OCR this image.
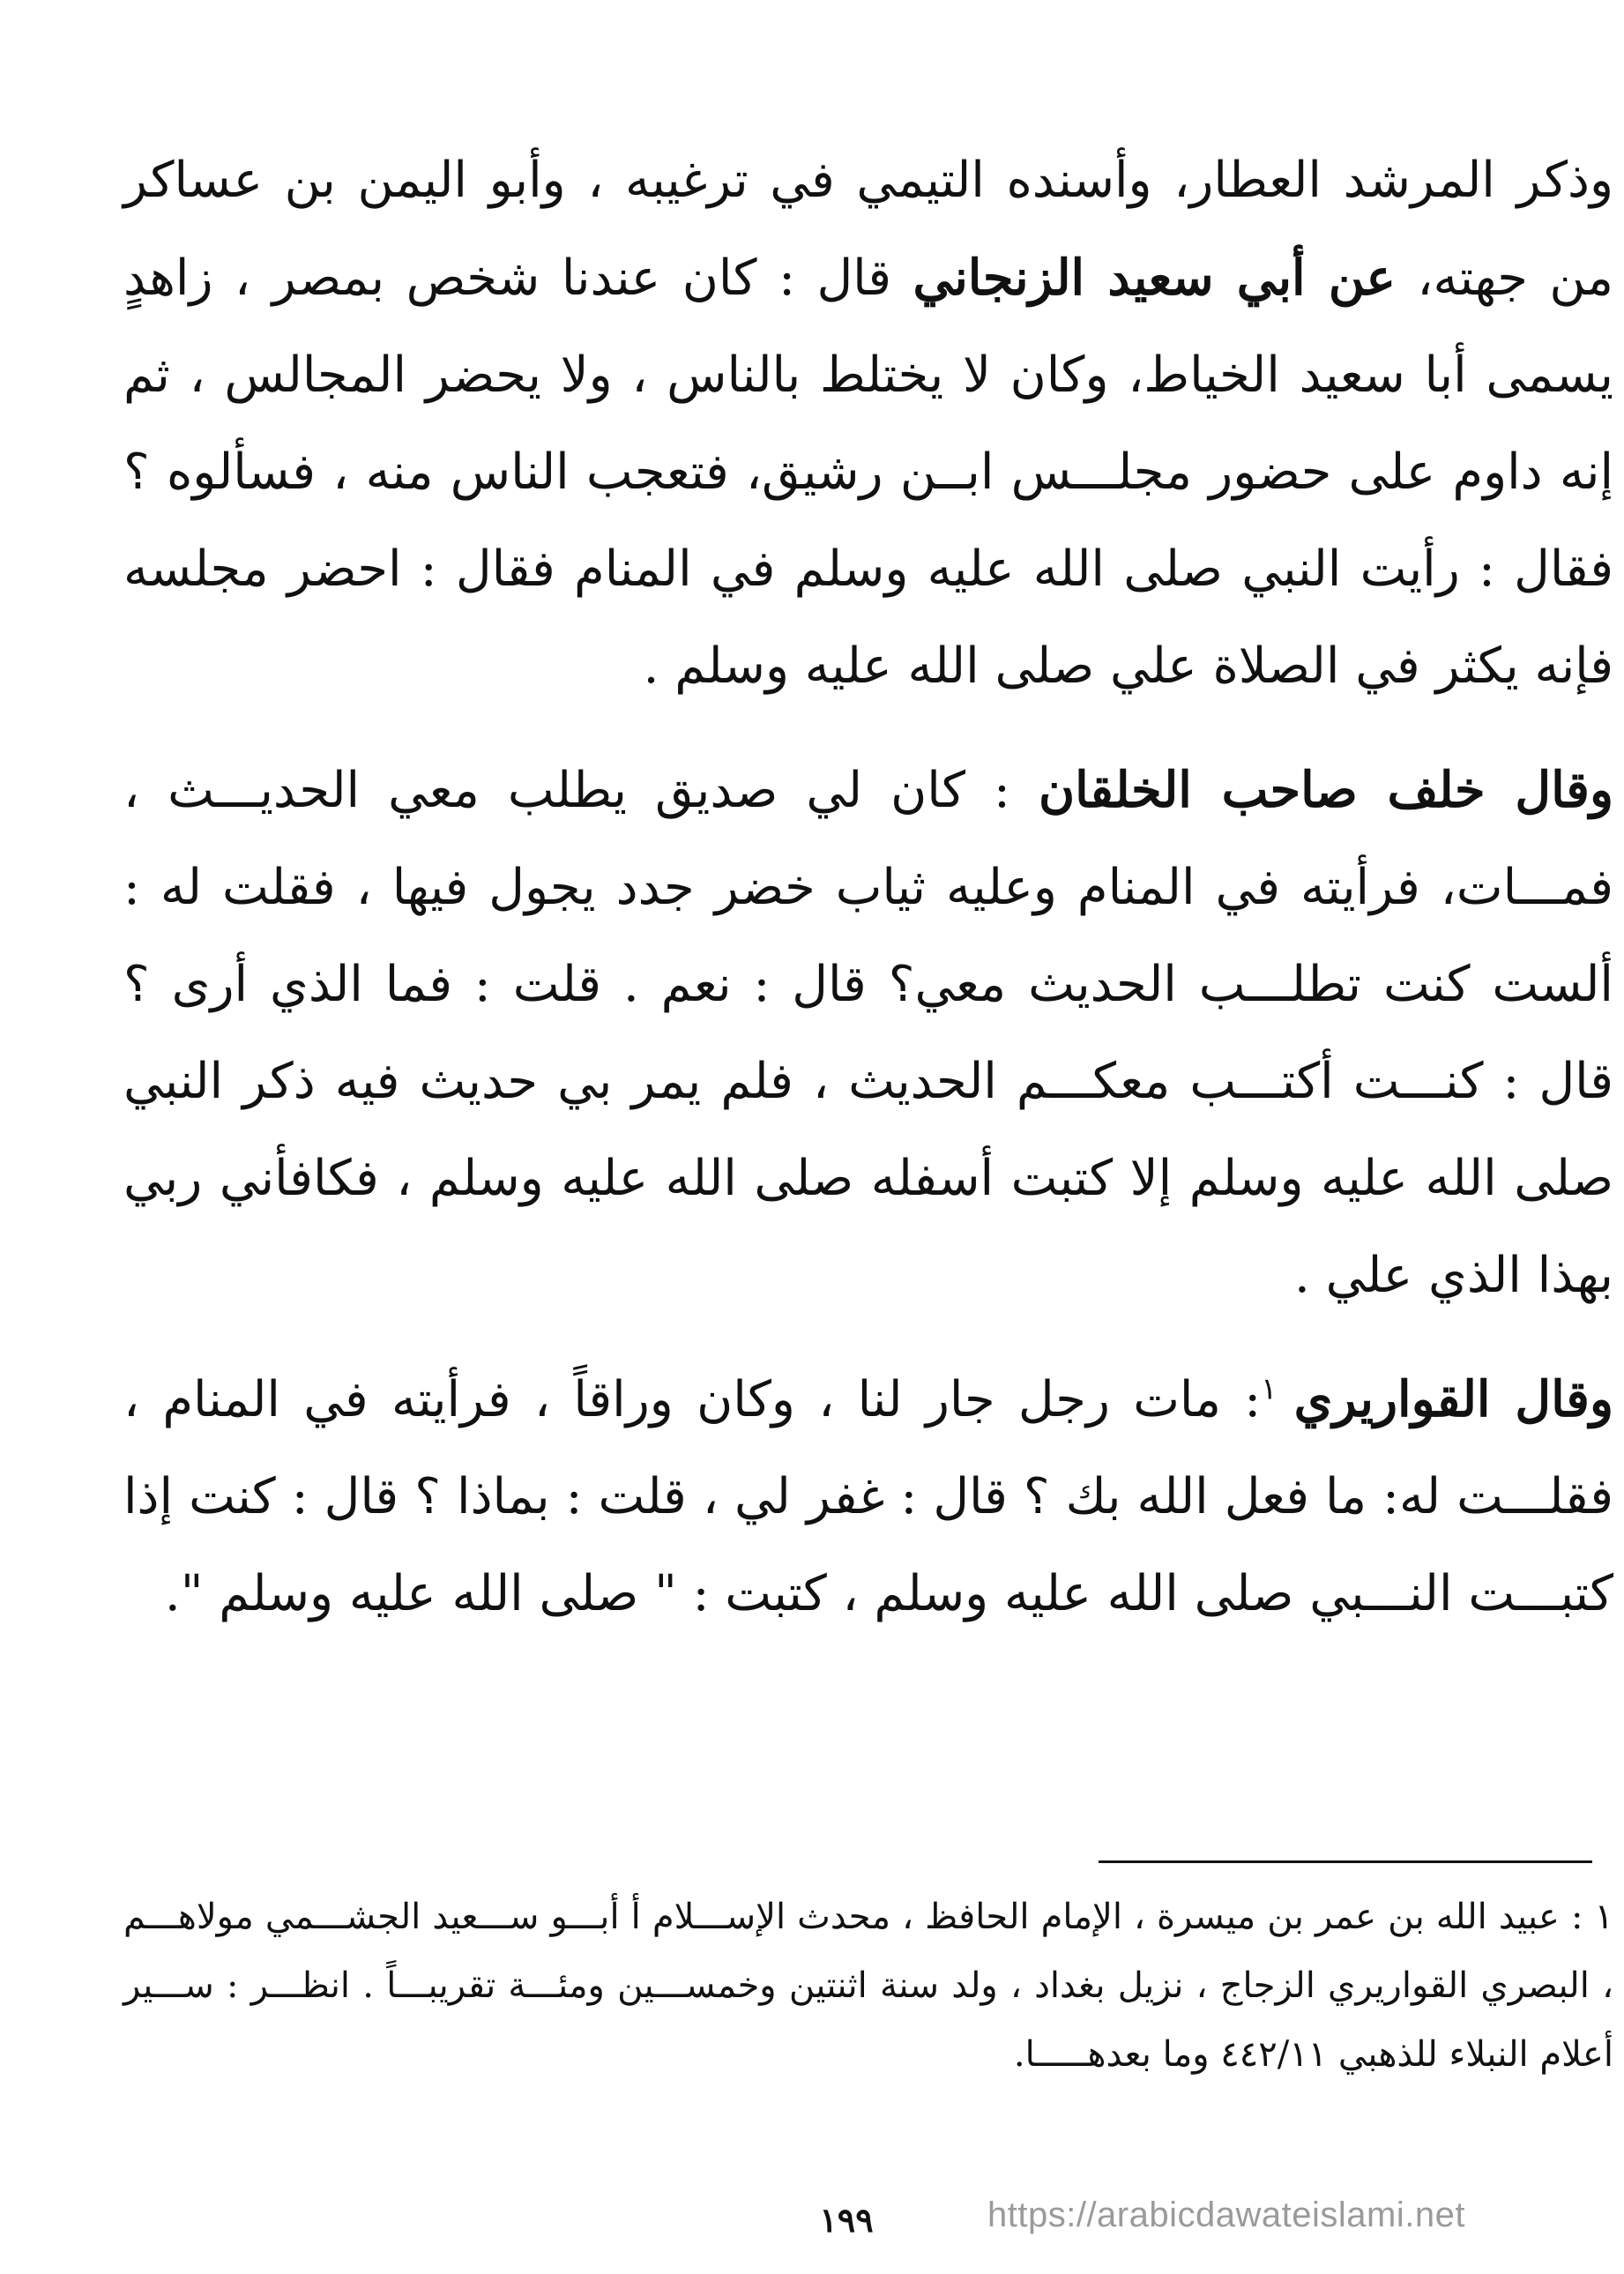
وذكر المرشد العطار، وأسنده التيمي في ترغيبه ، وأبو اليمن بن عساكر من جهته، عن أبي سعيد الزنجاني قال : كان عندنا شخص بمصر ، زاهدٍ يسمى أبا سعيد الخياط، وكان لا يختلط بالناس ، ولا يحضر المجالس ، ثم إنه داوم على حضور مجلـــس ابــن رشيق، فتعجب الناس منه ، فسألوه ؟ فقال : رأيت النبي صلى الله عليه وسلم في المنام فقال : احضر مجلسه فإنه يكثر في الصلاة علي صلى الله عليه وسلم .

وقال خلف صاحب الخلقان : كان لي صديق يطلب معي الحديـــث ، فمـــات، فرأيته في المنام وعليه ثياب خضر جدد يجول فيها ، فقلت له : ألست كنت تطلـــب الحديث معي؟ قال : نعم . قلت : فما الذي أرى ؟ قال : كنـــت أكتـــب معكـــم الحديث ، فلم يمر بي حديث فيه ذكر النبي صلى الله عليه وسلم إلا كتبت أسفله صلى الله عليه وسلم ، فكافأني ربي بهذا الذي علي .

وقال القواريري $^١$: مات رجل جار لنا ، وكان وراقاً ، فرأيته في المنام ، فقلـــت له: ما فعل الله بك ؟ قال : غفر لي ، قلت : بماذا ؟ قال : كنت إذا كتبـــت النـــبي صلى الله عليه وسلم ، كتبت : " صلى الله عليه وسلم ".

١ : عبيد الله بن عمر بن ميسرة ، الإمام الحافظ ، محدث الإســـلام أ أبـــو ســـعيد الجشـــمي مولاهـــم ، البصري القواريري الزجاج ، نزيل بغداد ، ولد سنة اثنتين وخمســـين ومئـــة تقريبـــاً . انظـــر : ســـير أعلام النبلاء للذهبي ٤٤٢/١١ وما بعدهـــــا.

١٩٩	https://arabicdawateislami.net
